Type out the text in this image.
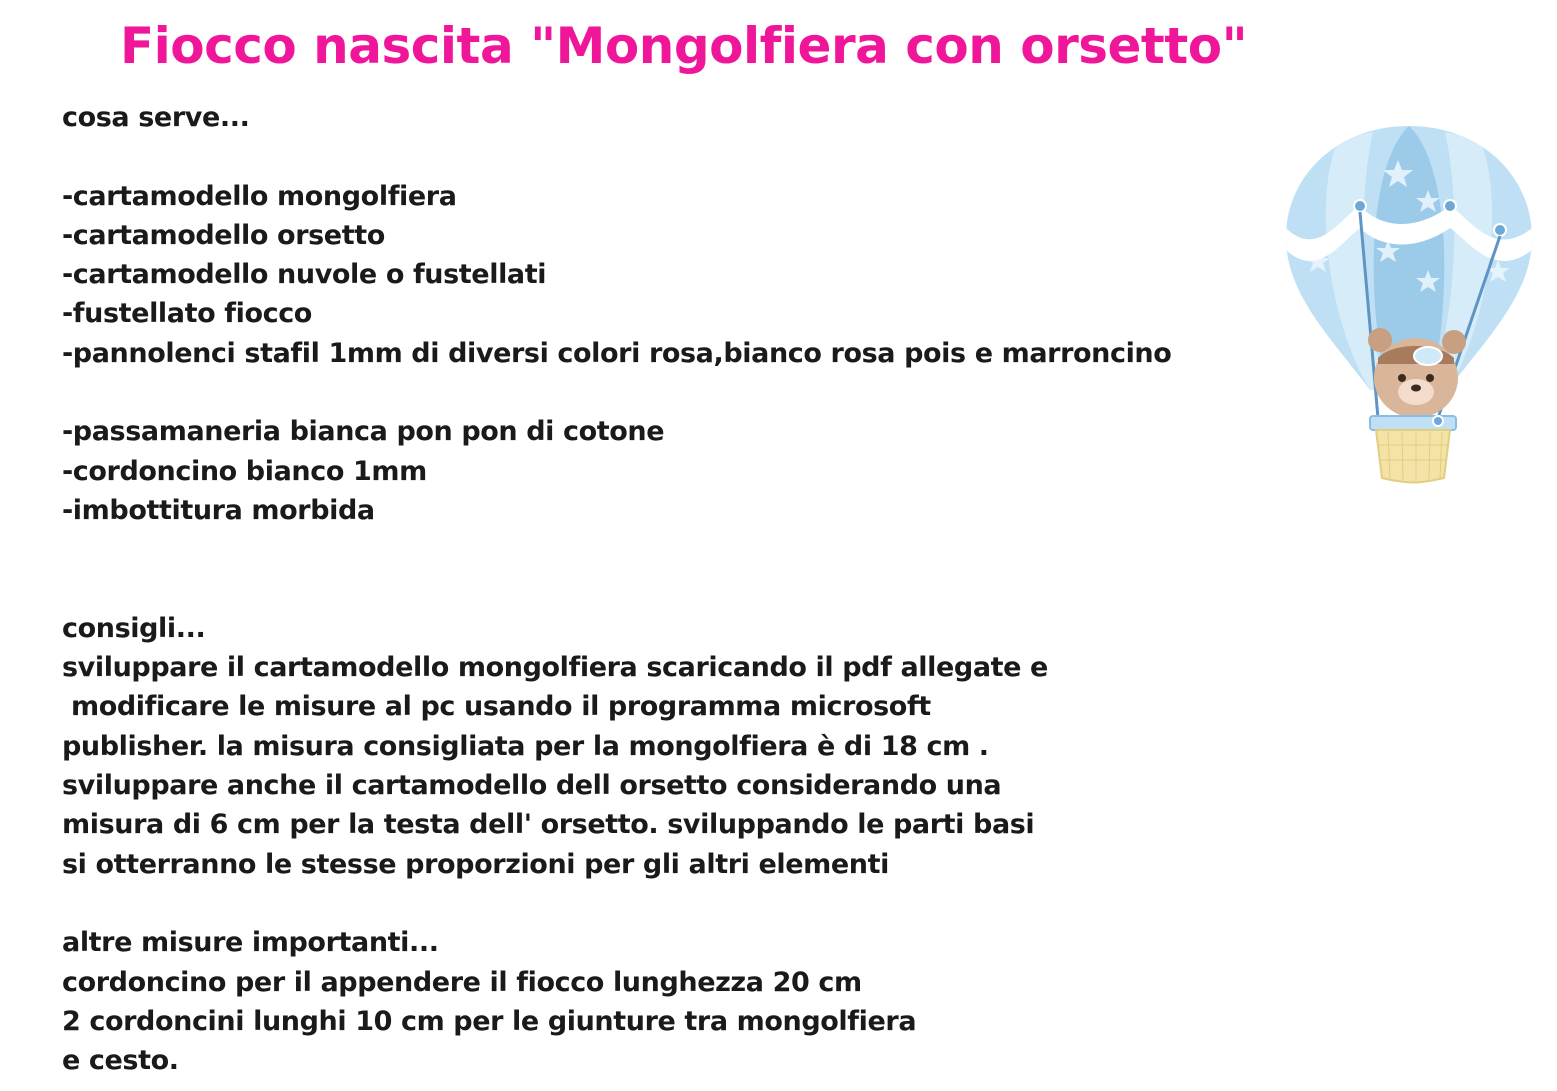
Fiocco nascita "Mongolfiera con orsetto"
cosa serve...
-cartamodello mongolfiera
-cartamodello orsetto
-cartamodello nuvole o fustellati
-fustellato fiocco
-pannolenci stafil 1mm di diversi colori rosa,bianco rosa pois e marroncino
-passamaneria bianca pon pon di cotone
-cordoncino bianco 1mm
-imbottitura morbida
consigli...
sviluppare il cartamodello mongolfiera scaricando il pdf allegate e
modificare le misure al pc usando il programma microsoft
publisher. la misura consigliata per la mongolfiera è di 18 cm .
sviluppare anche il cartamodello dell orsetto considerando una
misura di 6 cm per la testa dell' orsetto. sviluppando le parti basi
si otterranno le stesse proporzioni per gli altri elementi
altre misure importanti...
cordoncino per il appendere il fiocco lunghezza 20 cm
2 cordoncini lunghi 10 cm per le giunture tra mongolfiera
e cesto.
